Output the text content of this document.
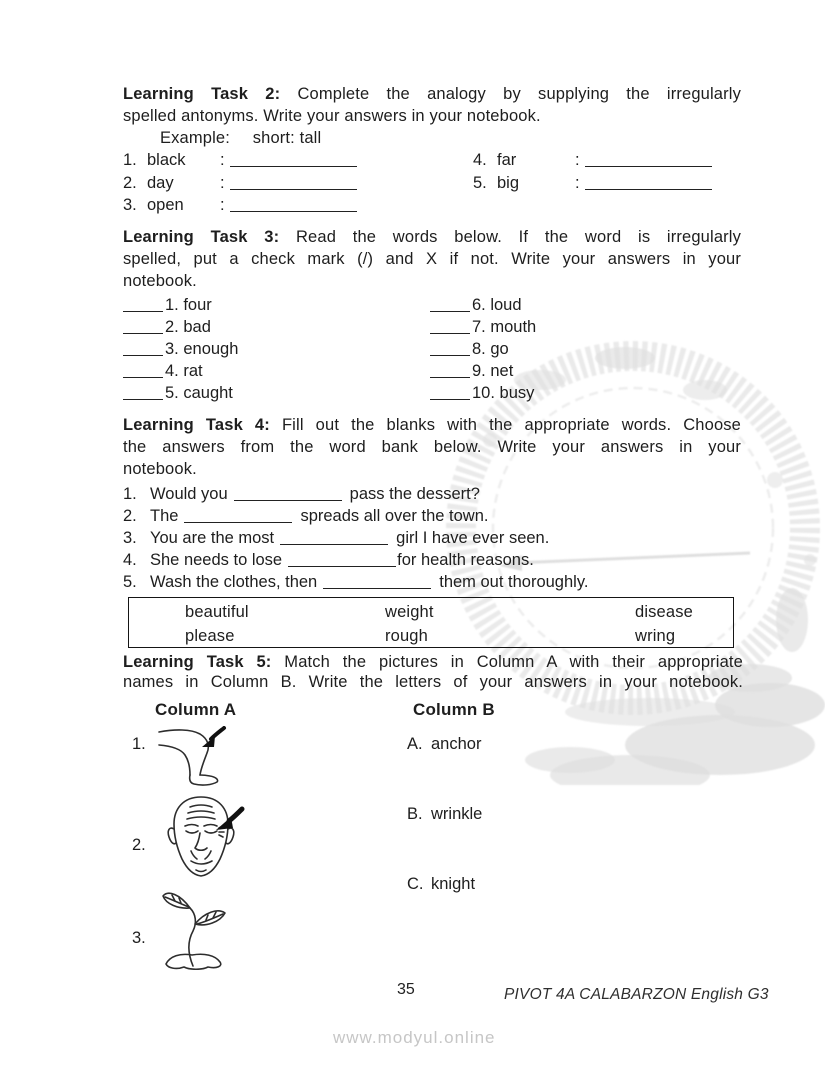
Learning Task 2: Complete the analogy by supplying the irregularly
spelled antonyms. Write your answers in your notebook.
Example: short: tall
1. black :
2. day	:
3. open :
4. far	:
5. big	:
Learning Task 3: Read the words below. If the word is irregularly
spelled, put a check mark (/) and X if not. Write your answers in your
notebook.
1. four
2. bad
3. enough
4. rat
5. caught
6. loud
7. mouth
8. go
9. net
10. busy
Learning Task 4: Fill out the blanks with the appropriate words. Choose
the answers from the word bank below. Write your answers in your
notebook.
1. Would you	pass the dessert?
2. The	spreads all over the town.
3. You are the most	girl I have ever seen.
4. She needs to lose	for health reasons.
5. Wash the clothes, then	them out thoroughly.
beautiful	weight	disease
please	rough	wring
Learning Task 5: Match the pictures in Column A with their appropriate
names in Column B. Write the letters of your answers in your notebook.
Column A	Column B
1.
2.
3.
A. anchor
B. wrinkle
C. knight
35	PIVOT 4A CALABARZON English G3
www.modyul.online
